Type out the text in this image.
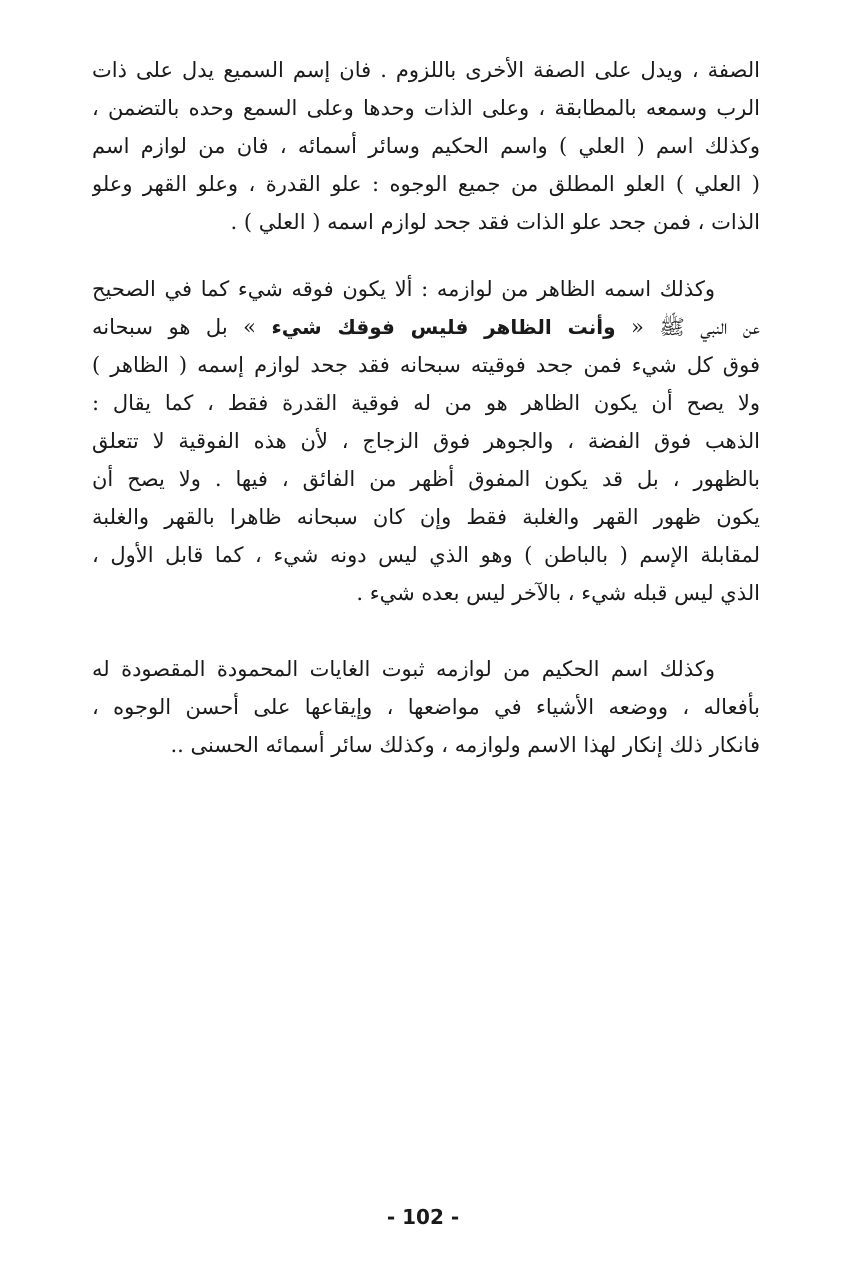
الصفة ، ويدل على الصفة الأخرى باللزوم . فان إسم السميع يدل على ذات
الرب وسمعه بالمطابقة ، وعلى الذات وحدها وعلى السمع وحده بالتضمن ،
وكذلك اسم ( العلي ) واسم الحكيم وسائر أسمائه ، فان من لوازم اسم
( العلي ) العلو المطلق من جميع الوجوه : علو القدرة ، وعلو القهر وعلو
الذات ، فمن جحد علو الذات فقد جحد لوازم اسمه ( العلي ) .
وكذلك اسمه الظاهر من لوازمه : ألا يكون فوقه شيء كما في الصحيح
عن النبي ﷺ « وأنت الظاهر فليس فوقك شيء » بل هو سبحانه
فوق كل شيء فمن جحد فوقيته سبحانه فقد جحد لوازم إسمه ( الظاهر )
ولا يصح أن يكون الظاهر هو من له فوقية القدرة فقط ، كما يقال :
الذهب فوق الفضة ، والجوهر فوق الزجاج ، لأن هذه الفوقية لا تتعلق
بالظهور ، بل قد يكون المفوق أظهر من الفائق ، فيها . ولا يصح أن
يكون ظهور القهر والغلبة فقط وإن كان سبحانه ظاهرا بالقهر والغلبة
لمقابلة الإسم ( بالباطن ) وهو الذي ليس دونه شيء ، كما قابل الأول ،
الذي ليس قبله شيء ، بالآخر ليس بعده شيء .
وكذلك اسم الحكيم من لوازمه ثبوت الغايات المحمودة المقصودة له
بأفعاله ، ووضعه الأشياء في مواضعها ، وإيقاعها على أحسن الوجوه ،
فانكار ذلك إنكار لهذا الاسم ولوازمه ، وكذلك سائر أسمائه الحسنى ..
- 102 -
